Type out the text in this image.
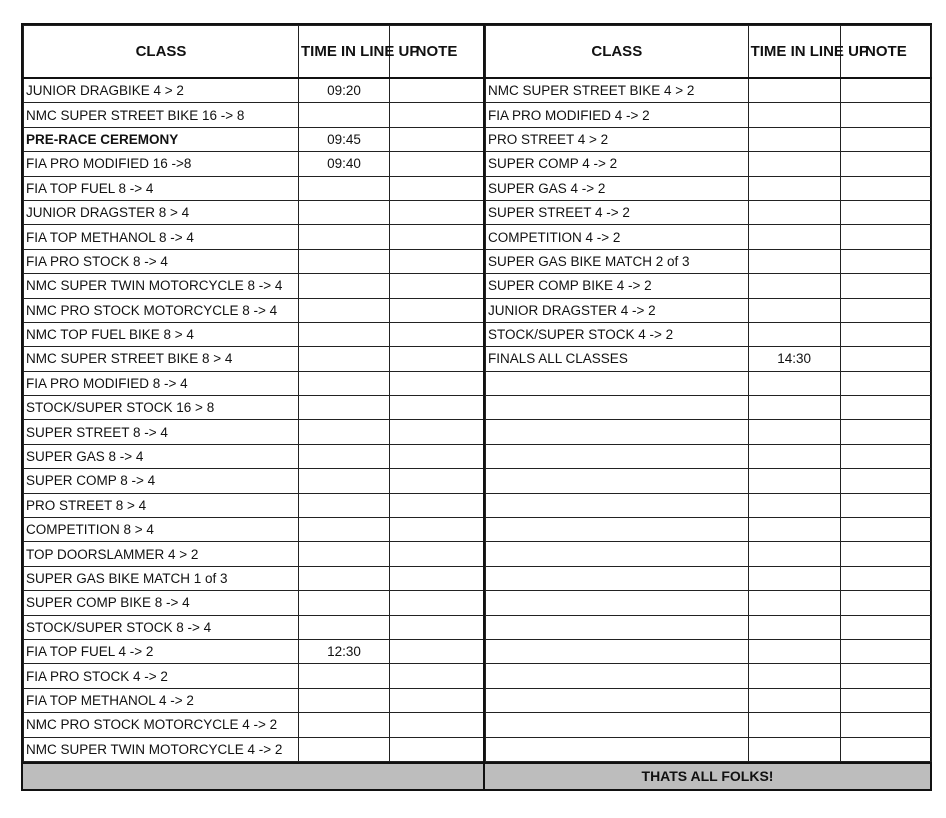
CLASS	TIME IN LINE UP	NOTE
JUNIOR DRAGBIKE 4 > 2	09:20	
NMC SUPER STREET BIKE 16 -> 8		
PRE-RACE CEREMONY	09:45	
FIA PRO MODIFIED 16 ->8	09:40	
FIA TOP FUEL 8 -> 4		
JUNIOR DRAGSTER 8 > 4		
FIA TOP METHANOL 8 -> 4		
FIA PRO STOCK 8 -> 4		
NMC SUPER TWIN MOTORCYCLE 8 -> 4		
NMC PRO STOCK MOTORCYCLE 8 -> 4		
NMC TOP FUEL BIKE 8 > 4		
NMC SUPER STREET BIKE 8 > 4		
FIA PRO MODIFIED 8 -> 4		
STOCK/SUPER STOCK 16 > 8		
SUPER STREET 8 -> 4		
SUPER GAS 8 -> 4		
SUPER COMP 8 -> 4		
PRO STREET 8 > 4		
COMPETITION 8 > 4		
TOP DOORSLAMMER 4 > 2		
SUPER GAS BIKE MATCH 1 of 3		
SUPER COMP BIKE 8 -> 4		
STOCK/SUPER STOCK 8 -> 4		
FIA TOP FUEL 4 -> 2	12:30	
FIA PRO STOCK 4 -> 2		
FIA TOP METHANOL 4 -> 2		
NMC PRO STOCK MOTORCYCLE 4 -> 2		
NMC SUPER TWIN MOTORCYCLE 4 -> 2		
CLASS	TIME IN LINE UP	NOTE
NMC SUPER STREET BIKE 4 > 2		
FIA PRO MODIFIED 4 -> 2		
PRO STREET 4 > 2		
SUPER COMP 4 -> 2		
SUPER GAS 4 -> 2		
SUPER STREET 4 -> 2		
COMPETITION 4 -> 2		
SUPER GAS BIKE MATCH 2 of 3		
SUPER COMP BIKE 4 -> 2		
JUNIOR DRAGSTER 4 -> 2		
STOCK/SUPER STOCK 4 -> 2		
FINALS ALL CLASSES	14:30	

THATS ALL FOLKS!
